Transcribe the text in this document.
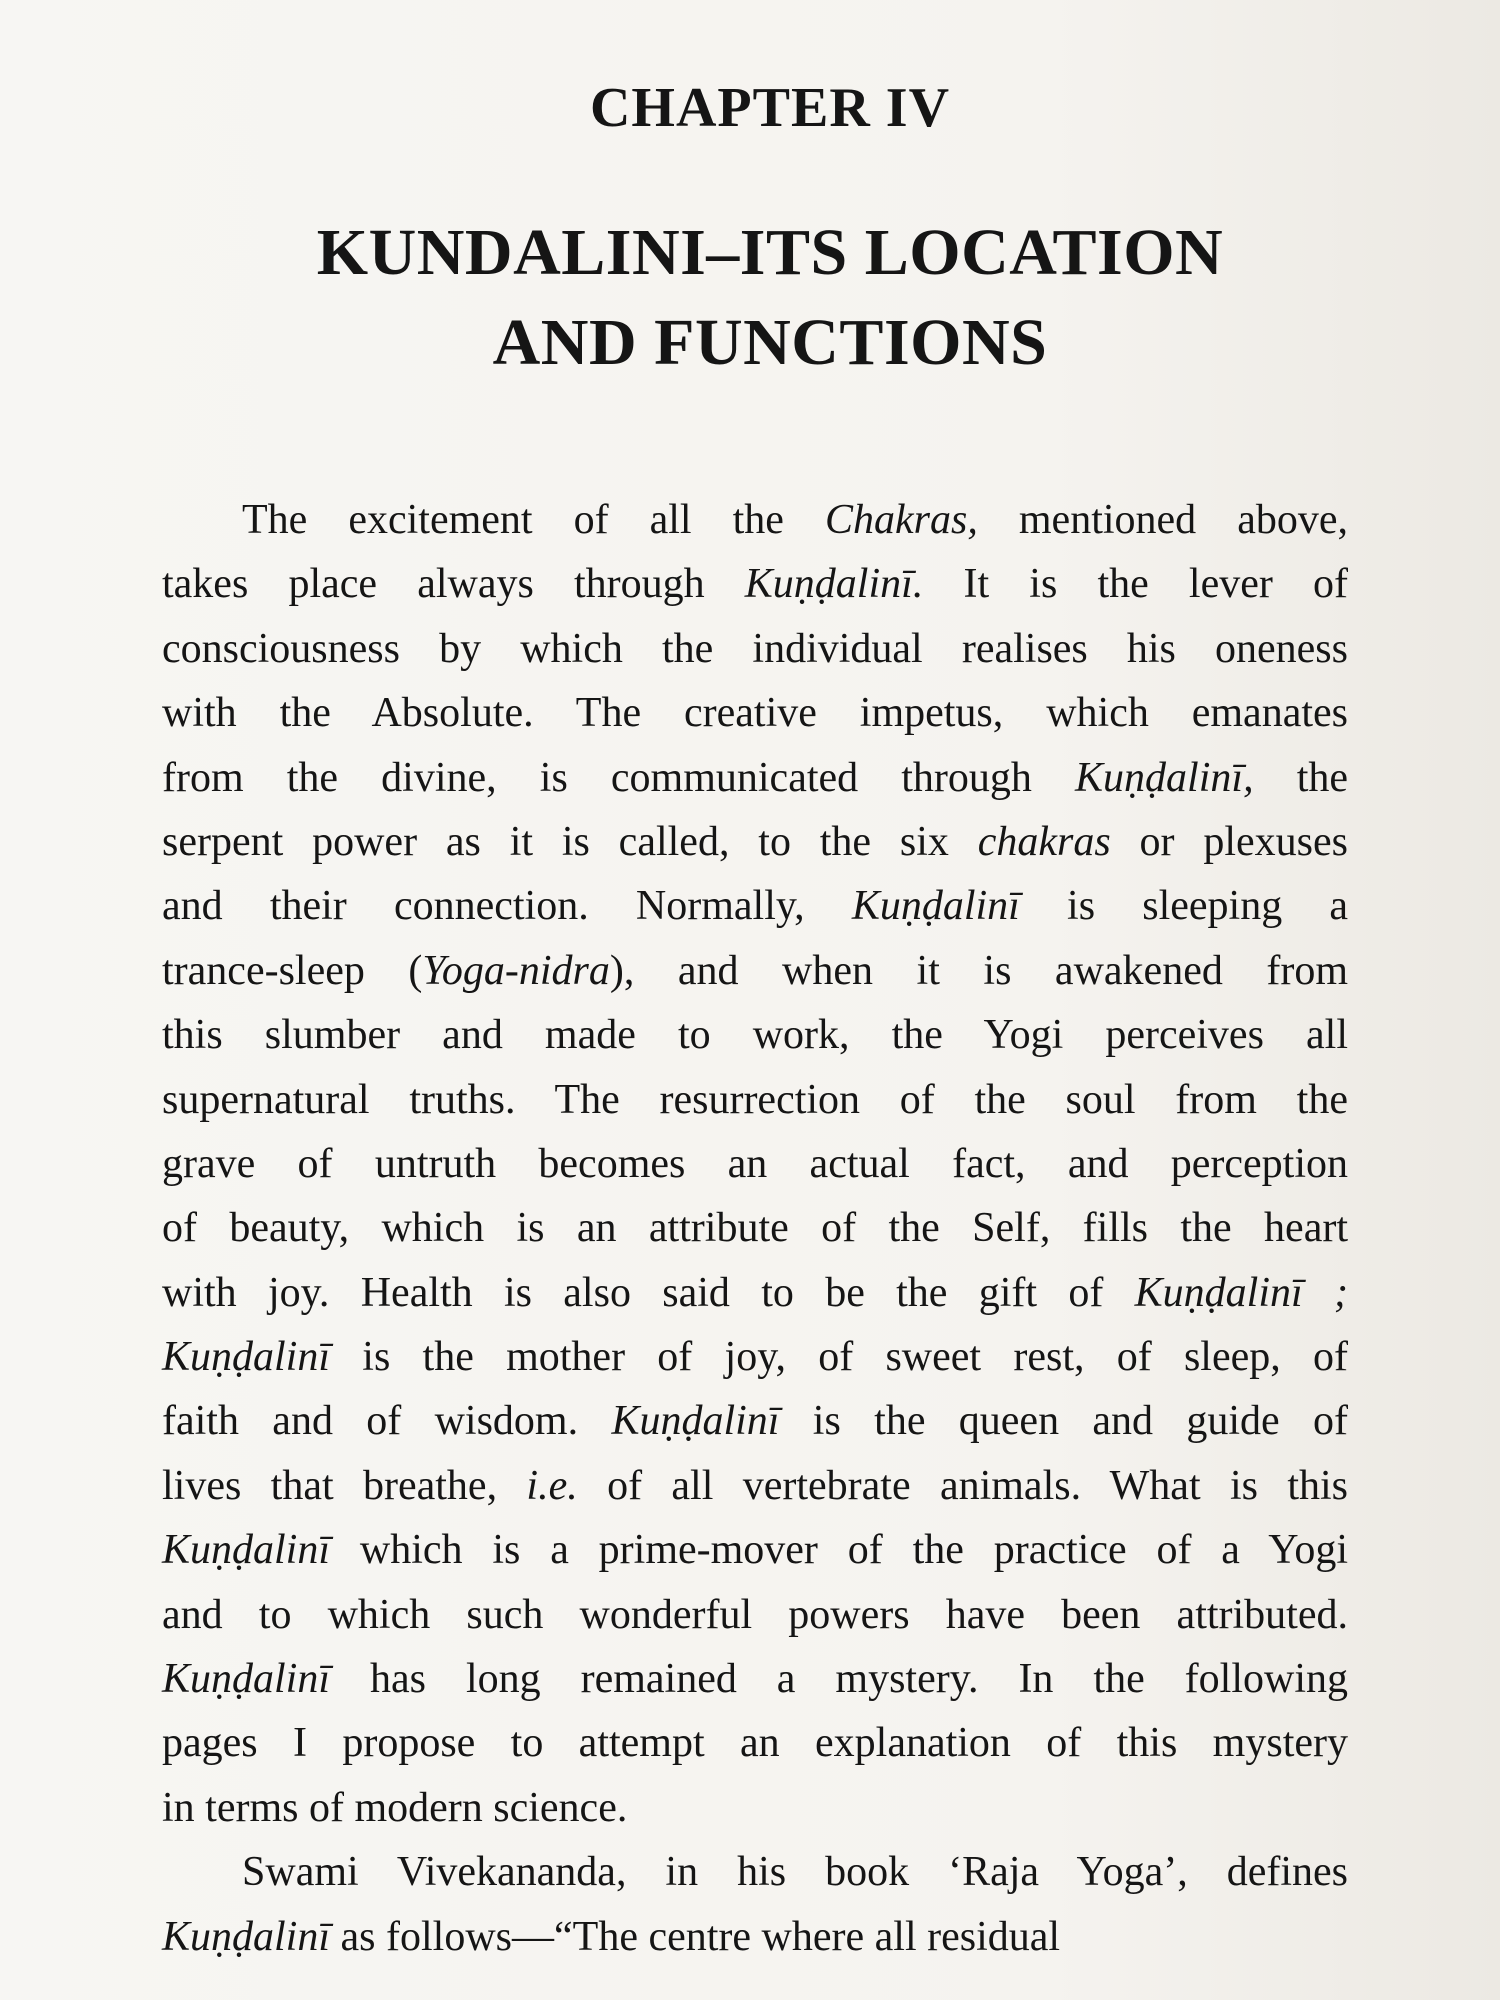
CHAPTER IV
KUNDALINI–ITS LOCATION
AND FUNCTIONS
The excitement of all the Chakras, mentioned above,
takes place always through Kuṇḍalinī. It is the lever of
consciousness by which the individual realises his oneness
with the Absolute. The creative impetus, which emanates
from the divine, is communicated through Kuṇḍalinī, the
serpent power as it is called, to the six chakras or plexuses
and their connection. Normally, Kuṇḍalinī is sleeping a
trance-sleep (Yoga-nidra), and when it is awakened from
this slumber and made to work, the Yogi perceives all
supernatural truths. The resurrection of the soul from the
grave of untruth becomes an actual fact, and perception
of beauty, which is an attribute of the Self, fills the heart
with joy. Health is also said to be the gift of Kuṇḍalinī ;
Kuṇḍalinī is the mother of joy, of sweet rest, of sleep, of
faith and of wisdom. Kuṇḍalinī is the queen and guide of
lives that breathe, i.e. of all vertebrate animals. What is this
Kuṇḍalinī which is a prime-mover of the practice of a Yogi
and to which such wonderful powers have been attributed.
Kuṇḍalinī has long remained a mystery. In the following
pages I propose to attempt an explanation of this mystery
in terms of modern science.
Swami Vivekananda, in his book ‘Raja Yoga’, defines
Kuṇḍalinī as follows—“The centre where all residual
